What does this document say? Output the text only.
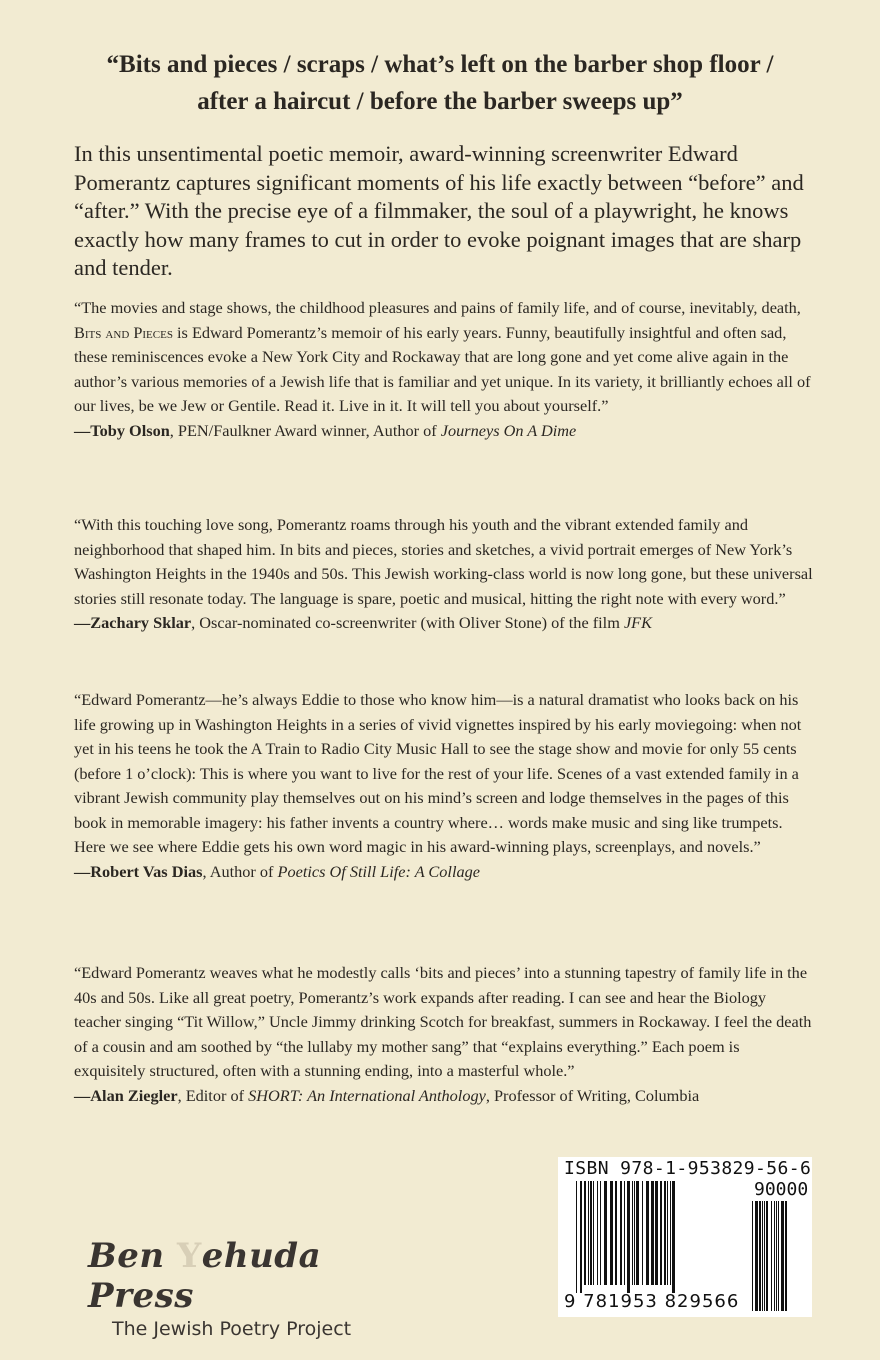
“Bits and pieces / scraps / what’s left on the barber shop floor /
after a haircut / before the barber sweeps up”
In this unsentimental poetic memoir, award-winning screenwriter Edward Pomerantz captures significant moments of his life exactly between “before” and “after.” With the precise eye of a filmmaker, the soul of a playwright, he knows exactly how many frames to cut in order to evoke poignant images that are sharp and tender.
“The movies and stage shows, the childhood pleasures and pains of family life, and of course, inevitably, death, Bits and Pieces is Edward Pomerantz’s memoir of his early years. Funny, beautifully insightful and often sad, these reminiscences evoke a New York City and Rockaway that are long gone and yet come alive again in the author’s various memories of a Jewish life that is familiar and yet unique. In its variety, it brilliantly echoes all of our lives, be we Jew or Gentile. Read it. Live in it. It will tell you about yourself.”
—Toby Olson, PEN/Faulkner Award winner, Author of Journeys On A Dime
“With this touching love song, Pomerantz roams through his youth and the vibrant extended family and neighborhood that shaped him. In bits and pieces, stories and sketches, a vivid portrait emerges of New York’s Washington Heights in the 1940s and 50s. This Jewish working-class world is now long gone, but these universal stories still resonate today. The language is spare, poetic and musical, hitting the right note with every word.”
—Zachary Sklar, Oscar-nominated co-screenwriter (with Oliver Stone) of the film JFK
“Edward Pomerantz—he’s always Eddie to those who know him—is a natural dramatist who looks back on his life growing up in Washington Heights in a series of vivid vignettes inspired by his early moviegoing: when not yet in his teens he took the A Train to Radio City Music Hall to see the stage show and movie for only 55 cents (before 1 o’clock): This is where you want to live for the rest of your life. Scenes of a vast extended family in a vibrant Jewish community play themselves out on his mind’s screen and lodge themselves in the pages of this book in memorable imagery: his father invents a country where… words make music and sing like trumpets. Here we see where Eddie gets his own word magic in his award-winning plays, screenplays, and novels.”
—Robert Vas Dias, Author of Poetics Of Still Life: A Collage
“Edward Pomerantz weaves what he modestly calls ‘bits and pieces’ into a stunning tapestry of family life in the 40s and 50s. Like all great poetry, Pomerantz’s work expands after reading. I can see and hear the Biology teacher singing “Tit Willow,” Uncle Jimmy drinking Scotch for breakfast, summers in Rockaway. I feel the death of a cousin and am soothed by “the lullaby my mother sang” that “explains everything.” Each poem is exquisitely structured, often with a stunning ending, into a masterful whole.”
—Alan Ziegler, Editor of SHORT: An International Anthology, Professor of Writing, Columbia
Ben Yehuda Press
The Jewish Poetry Project
ISBN 978-1-953829-56-6
90000
9 781953 829566
